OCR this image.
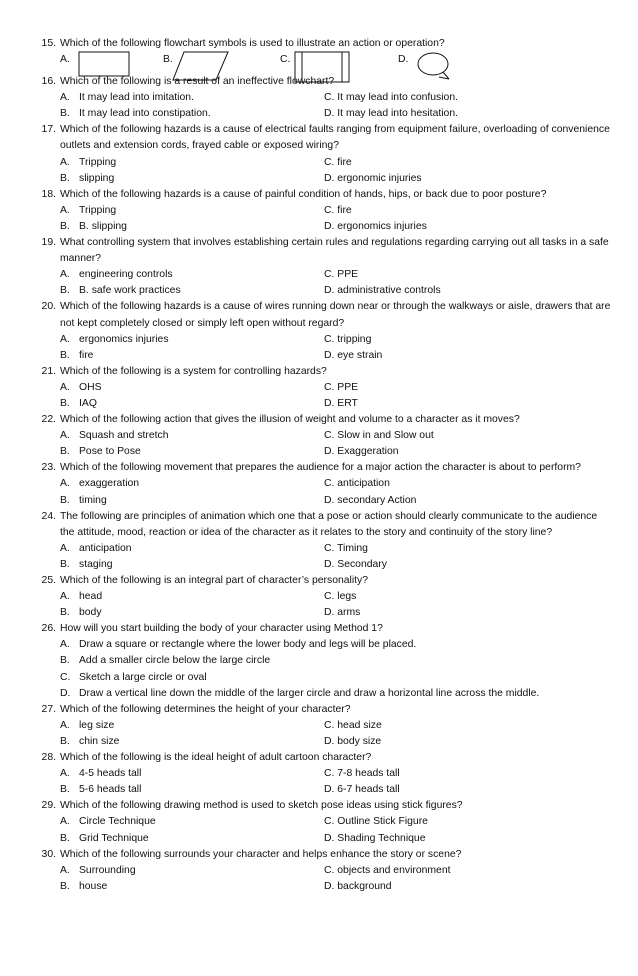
15. Which of the following flowchart symbols is used to illustrate an action or operation?
A.	B.	C.	D.
16. Which of the following is a result of an ineffective flowchart?
A. It may lead into imitation.	C. It may lead into confusion.
B. It may lead into constipation.	D. It may lead into hesitation.
17. Which of the following hazards is a cause of electrical faults ranging from equipment failure, overloading of convenience outlets and extension cords, frayed cable or exposed wiring?
A. Tripping	C. fire
B. slipping	D. ergonomic injuries
18. Which of the following hazards is a cause of painful condition of hands, hips, or back due to poor posture?
A. Tripping	C. fire
B. B. slipping	D. ergonomics injuries
19. What controlling system that involves establishing certain rules and regulations regarding carrying out all tasks in a safe manner?
A. engineering controls	C. PPE
B. B. safe work practices	D. administrative controls
20. Which of the following hazards is a cause of wires running down near or through the walkways or aisle, drawers that are not kept completely closed or simply left open without regard?
A. ergonomics injuries	C. tripping
B. fire	D. eye strain
21. Which of the following is a system for controlling hazards?
A. OHS	C. PPE
B. IAQ	D. ERT
22. Which of the following action that gives the illusion of weight and volume to a character as it moves?
A. Squash and stretch	C. Slow in and Slow out
B. Pose to Pose	D. Exaggeration
23. Which of the following movement that prepares the audience for a major action the character is about to perform?
A. exaggeration	C. anticipation
B. timing	D. secondary Action
24. The following are principles of animation which one that a pose or action should clearly communicate to the audience the attitude, mood, reaction or idea of the character as it relates to the story and continuity of the story line?
A. anticipation	C. Timing
B. staging	D. Secondary
25. Which of the following is an integral part of character’s personality?
A. head	C. legs
B. body	D. arms
26. How will you start building the body of your character using Method 1?
A. Draw a square or rectangle where the lower body and legs will be placed.
B. Add a smaller circle below the large circle
C. Sketch a large circle or oval
D. Draw a vertical line down the middle of the larger circle and draw a horizontal line across the middle.
27. Which of the following determines the height of your character?
A. leg size	C. head size
B. chin size	D. body size
28. Which of the following is the ideal height of adult cartoon character?
A. 4-5 heads tall	C. 7-8 heads tall
B. 5-6 heads tall	D. 6-7 heads tall
29. Which of the following drawing method is used to sketch pose ideas using stick figures?
A. Circle Technique	C. Outline Stick Figure
B. Grid Technique	D. Shading Technique
30. Which of the following surrounds your character and helps enhance the story or scene?
A. Surrounding	C. objects and environment
B. house	D. background
